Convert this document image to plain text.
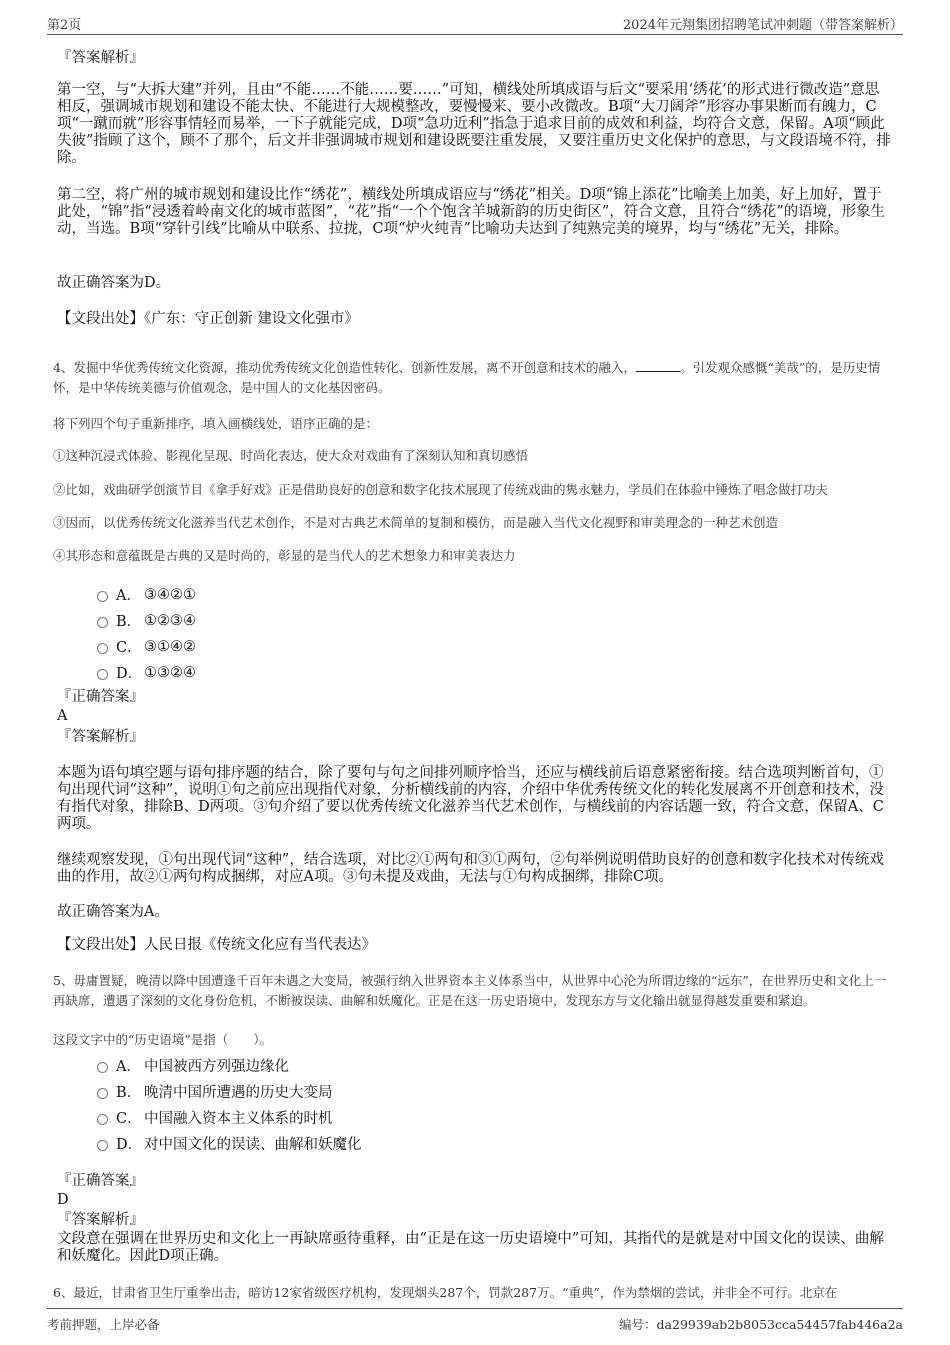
第2页	2024年元翔集团招聘笔试冲刺题（带答案解析）
『答案解析』
第一空，与“大拆大建”并列，且由“不能……不能……要……”可知，横线处所填成语与后文“要采用‘绣花’的形式进行微改造”意思相反，强调城市规划和建设不能太快、不能进行大规模整改，要慢慢来、要小改微改。B项“大刀阔斧”形容办事果断而有魄力，C项“一蹴而就”形容事情轻而易举，一下子就能完成，D项“急功近利”指急于追求目前的成效和利益，均符合文意，保留。A项“顾此失彼”指顾了这个，顾不了那个，后文并非强调城市规划和建设既要注重发展，又要注重历史文化保护的意思，与文段语境不符，排除。
第二空，将广州的城市规划和建设比作“绣花”，横线处所填成语应与“绣花”相关。D项“锦上添花”比喻美上加美，好上加好，置于此处，“锦”指“浸透着岭南文化的城市蓝图”，“花”指“一个个饱含羊城新韵的历史街区”，符合文意，且符合“绣花”的语境，形象生动，当选。B项“穿针引线”比喻从中联系、拉拢，C项“炉火纯青”比喻功夫达到了纯熟完美的境界，均与“绣花”无关，排除。
故正确答案为D。
【文段出处】《广东：守正创新 建设文化强市》
4、发掘中华优秀传统文化资源，推动优秀传统文化创造性转化、创新性发展，离不开创意和技术的融入，	。引发观众感慨“美哉”的，是历史情怀，是中华传统美德与价值观念，是中国人的文化基因密码。
将下列四个句子重新排序，填入画横线处，语序正确的是：
①这种沉浸式体验、影视化呈现、时尚化表达，使大众对戏曲有了深刻认知和真切感悟
②比如，戏曲研学创演节目《拿手好戏》正是借助良好的创意和数字化技术展现了传统戏曲的隽永魅力，学员们在体验中锤炼了唱念做打功夫
③因而，以优秀传统文化滋养当代艺术创作，不是对古典艺术简单的复制和模仿，而是融入当代文化视野和审美理念的一种艺术创造
④其形态和意蕴既是古典的又是时尚的，彰显的是当代人的艺术想象力和审美表达力
A． ③④②①
B． ①②③④
C． ③①④②
D． ①③②④
『正确答案』
A
『答案解析』
本题为语句填空题与语句排序题的结合，除了要句与句之间排列顺序恰当，还应与横线前后语意紧密衔接。结合选项判断首句，①句出现代词“这种”，说明①句之前应出现指代对象，分析横线前的内容，介绍中华优秀传统文化的转化发展离不开创意和技术，没有指代对象，排除B、D两项。③句介绍了要以优秀传统文化滋养当代艺术创作，与横线前的内容话题一致，符合文意，保留A、C两项。
继续观察发现，①句出现代词“这种”，结合选项，对比②①两句和③①两句，②句举例说明借助良好的创意和数字化技术对传统戏曲的作用，故②①两句构成捆绑，对应A项。③句未提及戏曲，无法与①句构成捆绑，排除C项。
故正确答案为A。
【文段出处】人民日报《传统文化应有当代表达》
5、毋庸置疑，晚清以降中国遭逢千百年未遇之大变局，被强行纳入世界资本主义体系当中，从世界中心沦为所谓边缘的“远东”，在世界历史和文化上一再缺席，遭遇了深刻的文化身份危机，不断被误读、曲解和妖魔化。正是在这一历史语境中，发现东方与文化输出就显得越发重要和紧迫。
这段文字中的“历史语境”是指（　　）。
A． 中国被西方列强边缘化
B． 晚清中国所遭遇的历史大变局
C． 中国融入资本主义体系的时机
D． 对中国文化的误读、曲解和妖魔化
『正确答案』
D
『答案解析』
文段意在强调在世界历史和文化上一再缺席亟待重释，由“正是在这一历史语境中”可知，其指代的是就是对中国文化的误读、曲解和妖魔化。因此D项正确。
6、最近，甘肃省卫生厅重拳出击，暗访12家省级医疗机构，发现烟头287个，罚款287万。“重典”，作为禁烟的尝试，并非全不可行。北京在
考前押题，上岸必备	编号：da29939ab2b8053cca54457fab446a2a
